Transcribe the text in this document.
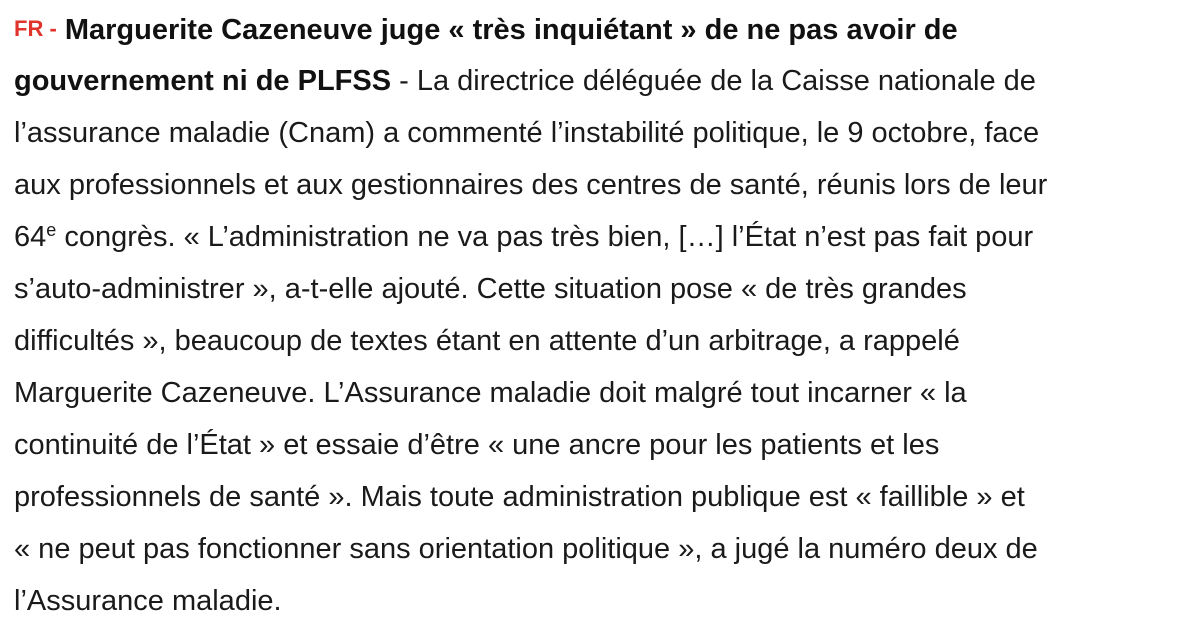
FR - Marguerite Cazeneuve juge « très inquiétant » de ne pas avoir de
gouvernement ni de PLFSS - La directrice déléguée de la Caisse nationale de
l’assurance maladie (Cnam) a commenté l’instabilité politique, le 9 octobre, face
aux professionnels et aux gestionnaires des centres de santé, réunis lors de leur
64e congrès. « L’administration ne va pas très bien, […] l’État n’est pas fait pour
s’auto-administrer », a-t-elle ajouté. Cette situation pose « de très grandes
difficultés », beaucoup de textes étant en attente d’un arbitrage, a rappelé
Marguerite Cazeneuve. L’Assurance maladie doit malgré tout incarner « la
continuité de l’État » et essaie d’être « une ancre pour les patients et les
professionnels de santé ». Mais toute administration publique est « faillible » et
« ne peut pas fonctionner sans orientation politique », a jugé la numéro deux de
l’Assurance maladie.
